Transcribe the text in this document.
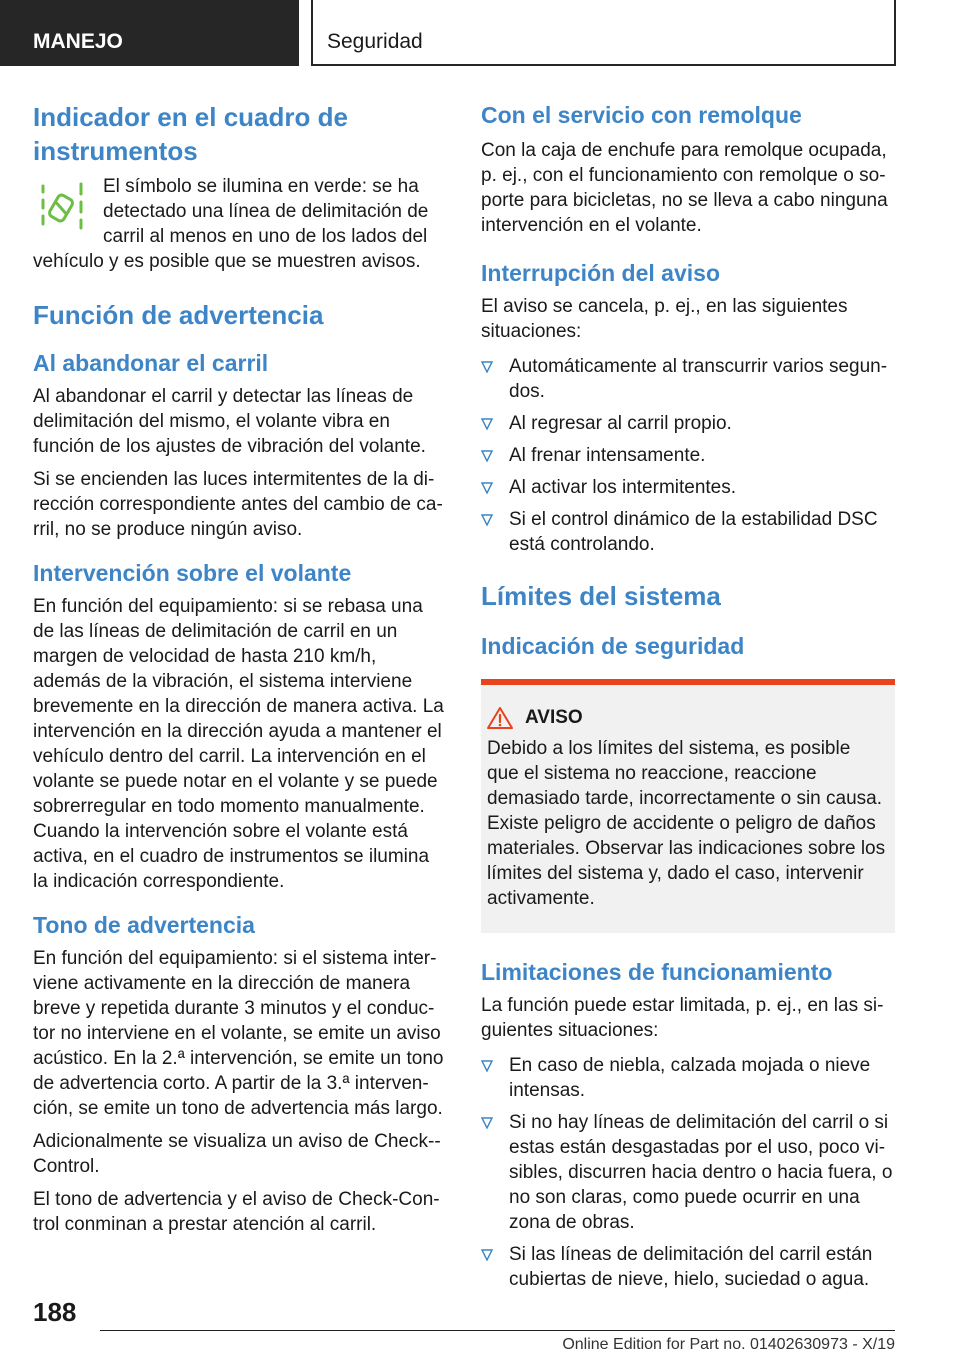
MANEJO	Seguridad
Indicador en el cuadro de instrumentos

El símbolo se ilumina en verde: se ha detectado una línea de delimitación de carril al menos en uno de los lados del vehículo y es posible que se muestren avisos.

Función de advertencia
Al abandonar el carril

Al abandonar el carril y detectar las líneas de delimitación del mismo, el volante vibra en función de los ajustes de vibración del volante.

Si se encienden las luces intermitentes de la dirección correspondiente antes del cambio de carril, no se produce ningún aviso.

Intervención sobre el volante

En función del equipamiento: si se rebasa una de las líneas de delimitación de carril en un margen de velocidad de hasta 210 km/h, además de la vibración, el sistema interviene brevemente en la dirección de manera activa. La intervención en la dirección ayuda a mantener el vehículo dentro del carril. La intervención en el volante se puede notar en el volante y se puede sobrerregular en todo momento manualmente. Cuando la intervención sobre el volante está activa, en el cuadro de instrumentos se ilumina la indicación correspondiente.

Tono de advertencia

En función del equipamiento: si el sistema interviene activamente en la dirección de manera breve y repetida durante 3 minutos y el conductor no interviene en el volante, se emite un aviso acústico. En la 2.ª intervención, se emite un tono de advertencia corto. A partir de la 3.ª intervención, se emite un tono de advertencia más largo.

Adicionalmente se visualiza un aviso de Check--Control.

El tono de advertencia y el aviso de Check-Control conminan a prestar atención al carril.

Con el servicio con remolque

Con la caja de enchufe para remolque ocupada, p. ej., con el funcionamiento con remolque o soporte para bicicletas, no se lleva a cabo ninguna intervención en el volante.

Interrupción del aviso

El aviso se cancela, p. ej., en las siguientes situaciones:

Automáticamente al transcurrir varios segundos.
Al regresar al carril propio.
Al frenar intensamente.
Al activar los intermitentes.
Si el control dinámico de la estabilidad DSC está controlando.
Límites del sistema
Indicación de seguridad
AVISO

Debido a los límites del sistema, es posible que el sistema no reaccione, reaccione demasiado tarde, incorrectamente o sin causa. Existe peligro de accidente o peligro de daños materiales. Observar las indicaciones sobre los límites del sistema y, dado el caso, intervenir activamente.

Limitaciones de funcionamiento

La función puede estar limitada, p. ej., en las siguientes situaciones:

En caso de niebla, calzada mojada o nieve intensas.
Si no hay líneas de delimitación del carril o si estas están desgastadas por el uso, poco visibles, discurren hacia dentro o hacia fuera, o no son claras, como puede ocurrir en una zona de obras.
Si las líneas de delimitación del carril están cubiertas de nieve, hielo, suciedad o agua.
188
Online Edition for Part no. 01402630973 - X/19
